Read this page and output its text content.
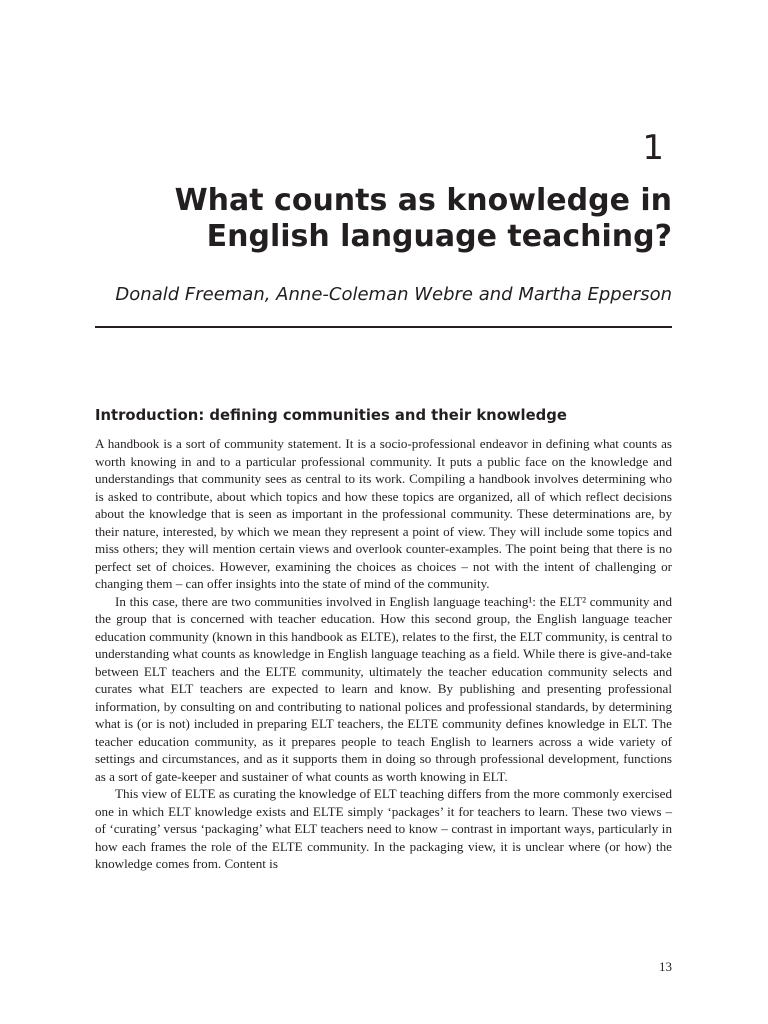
1
What counts as knowledge in English language teaching?
Donald Freeman, Anne-Coleman Webre and Martha Epperson
Introduction: defining communities and their knowledge

A handbook is a sort of community statement. It is a socio-professional endeavor in defining what counts as worth knowing in and to a particular professional community. It puts a public face on the knowledge and understandings that community sees as central to its work. Compiling a handbook involves determining who is asked to contribute, about which topics and how these topics are organized, all of which reflect decisions about the knowledge that is seen as important in the professional community. These determinations are, by their nature, interested, by which we mean they represent a point of view. They will include some topics and miss others; they will mention certain views and overlook counter-examples. The point being that there is no perfect set of choices. However, examining the choices as choices – not with the intent of challenging or changing them – can offer insights into the state of mind of the community.

In this case, there are two communities involved in English language teaching¹: the ELT² community and the group that is concerned with teacher education. How this second group, the English language teacher education community (known in this handbook as ELTE), relates to the first, the ELT community, is central to understanding what counts as knowledge in English language teaching as a field. While there is give-and-take between ELT teachers and the ELTE community, ultimately the teacher education community selects and curates what ELT teachers are expected to learn and know. By publishing and presenting professional information, by consulting on and contributing to national polices and professional standards, by determining what is (or is not) included in preparing ELT teachers, the ELTE community defines knowledge in ELT. The teacher education community, as it prepares people to teach English to learners across a wide variety of settings and circumstances, and as it supports them in doing so through professional development, functions as a sort of gate-keeper and sustainer of what counts as worth knowing in ELT.

This view of ELTE as curating the knowledge of ELT teaching differs from the more commonly exercised one in which ELT knowledge exists and ELTE simply ‘packages’ it for teachers to learn. These two views – of ‘curating’ versus ‘packaging’ what ELT teachers need to know – contrast in important ways, particularly in how each frames the role of the ELTE community. In the packaging view, it is unclear where (or how) the knowledge comes from. Content is

13
